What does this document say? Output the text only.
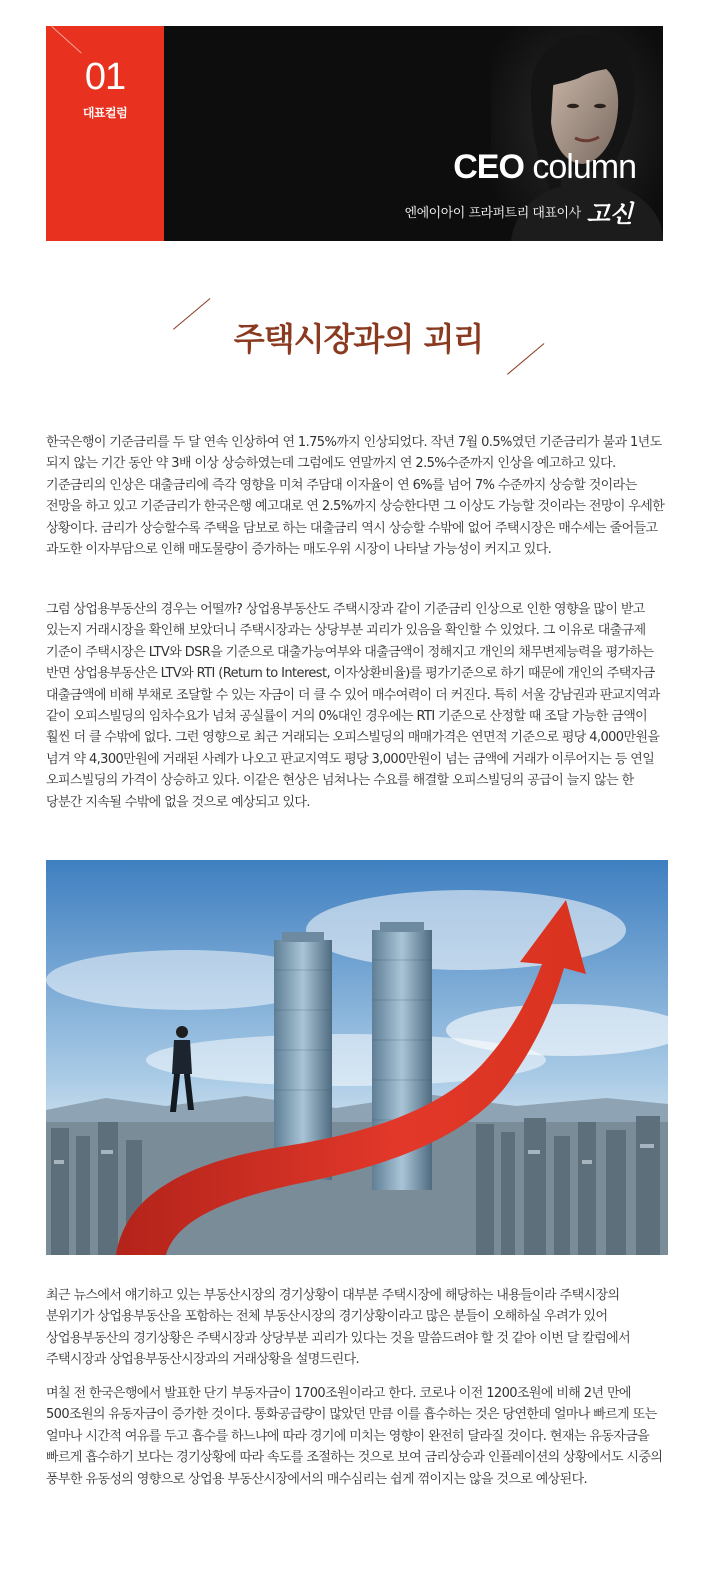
01
대표컬럼
CEO column
엔에이아이 프라퍼트리 대표이사 고신
주택시장과의 괴리

한국은행이 기준금리를 두 달 연속 인상하여 연 1.75%까지 인상되었다. 작년 7월 0.5%였던 기준금리가 불과 1년도 되지 않는 기간 동안 약 3배 이상 상승하였는데 그럼에도 연말까지 연 2.5%수준까지 인상을 예고하고 있다. 기준금리의 인상은 대출금리에 즉각 영향을 미쳐 주담대 이자율이 연 6%를 넘어 7% 수준까지 상승할 것이라는 전망을 하고 있고 기준금리가 한국은행 예고대로 연 2.5%까지 상승한다면 그 이상도 가능할 것이라는 전망이 우세한 상황이다. 금리가 상승할수록 주택을 담보로 하는 대출금리 역시 상승할 수밖에 없어 주택시장은 매수세는 줄어들고 과도한 이자부담으로 인해 매도물량이 증가하는 매도우위 시장이 나타날 가능성이 커지고 있다.

그럼 상업용부동산의 경우는 어떨까? 상업용부동산도 주택시장과 같이 기준금리 인상으로 인한 영향을 많이 받고 있는지 거래시장을 확인해 보았더니 주택시장과는 상당부분 괴리가 있음을 확인할 수 있었다. 그 이유로 대출규제 기준이 주택시장은 LTV와 DSR을 기준으로 대출가능여부와 대출금액이 정해지고 개인의 채무변제능력을 평가하는 반면 상업용부동산은 LTV와 RTI (Return to Interest, 이자상환비율)를 평가기준으로 하기 때문에 개인의 주택자금 대출금액에 비해 부채로 조달할 수 있는 자금이 더 클 수 있어 매수여력이 더 커진다. 특히 서울 강남권과 판교지역과 같이 오피스빌딩의 임차수요가 넘쳐 공실률이 거의 0%대인 경우에는 RTI 기준으로 산정할 때 조달 가능한 금액이 훨씬 더 클 수밖에 없다. 그런 영향으로 최근 거래되는 오피스빌딩의 매매가격은 연면적 기준으로 평당 4,000만원을 넘겨 약 4,300만원에 거래된 사례가 나오고 판교지역도 평당 3,000만원이 넘는 금액에 거래가 이루어지는 등 연일 오피스빌딩의 가격이 상승하고 있다. 이같은 현상은 넘쳐나는 수요를 해결할 오피스빌딩의 공급이 늘지 않는 한 당분간 지속될 수밖에 없을 것으로 예상되고 있다.

최근 뉴스에서 얘기하고 있는 부동산시장의 경기상황이 대부분 주택시장에 해당하는 내용들이라 주택시장의 분위기가 상업용부동산을 포함하는 전체 부동산시장의 경기상황이라고 많은 분들이 오해하실 우려가 있어 상업용부동산의 경기상황은 주택시장과 상당부분 괴리가 있다는 것을 말씀드려야 할 것 같아 이번 달 칼럼에서 주택시장과 상업용부동산시장과의 거래상황을 설명드린다.

며칠 전 한국은행에서 발표한 단기 부동자금이 1700조원이라고 한다. 코로나 이전 1200조원에 비해 2년 만에 500조원의 유동자금이 증가한 것이다. 통화공급량이 많았던 만큼 이를 흡수하는 것은 당연한데 얼마나 빠르게 또는 얼마나 시간적 여유를 두고 흡수를 하느냐에 따라 경기에 미치는 영향이 완전히 달라질 것이다. 현재는 유동자금을 빠르게 흡수하기 보다는 경기상황에 따라 속도를 조절하는 것으로 보여 금리상승과 인플레이션의 상황에서도 시중의 풍부한 유동성의 영향으로 상업용 부동산시장에서의 매수심리는 쉽게 꺾이지는 않을 것으로 예상된다.
